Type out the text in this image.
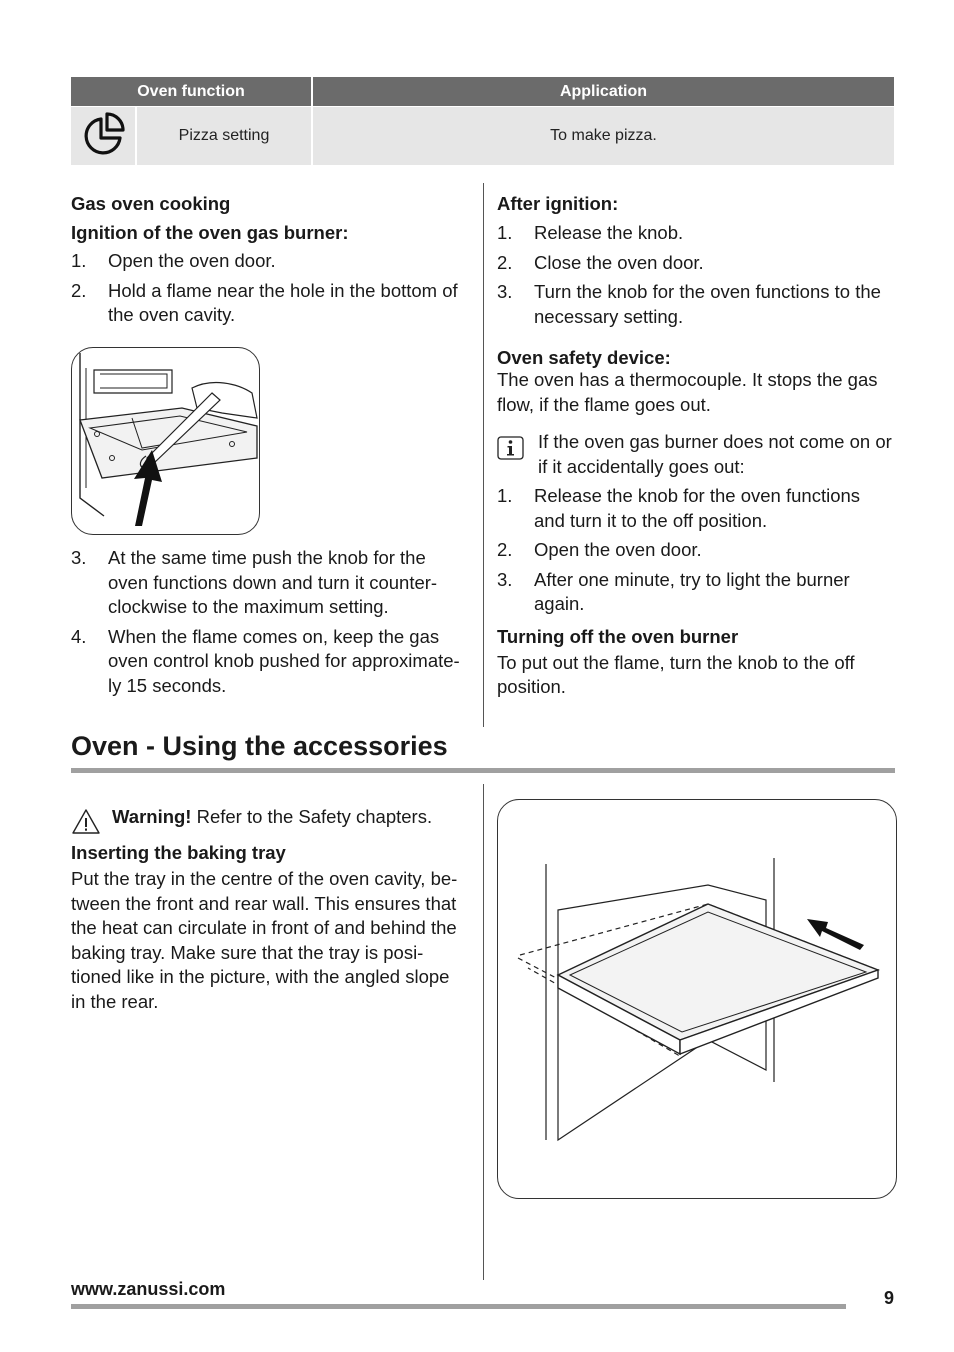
Oven function	Application
Pizza setting	To make pizza.
Gas oven cooking
Ignition of the oven gas burner:
1. Open the oven door.
2. Hold a flame near the hole in the bottom of the oven cavity.
3. At the same time push the knob for the oven functions down and turn it counter-clockwise to the maximum setting.
4. When the flame comes on, keep the gas oven control knob pushed for approximate-ly 15 seconds.
After ignition:
1. Release the knob.
2. Close the oven door.
3. Turn the knob for the oven functions to the necessary setting.
Oven safety device:
The oven has a thermocouple. It stops the gas flow, if the flame goes out.
If the oven gas burner does not come on or if it accidentally goes out:
1. Release the knob for the oven functions and turn it to the off position.
2. Open the oven door.
3. After one minute, try to light the burner again.
Turning off the oven burner
To put out the flame, turn the knob to the off position.
Oven - Using the accessories
Warning! Refer to the Safety chapters.
Inserting the baking tray
Put the tray in the centre of the oven cavity, be-tween the front and rear wall. This ensures that the heat can circulate in front of and behind the baking tray. Make sure that the tray is posi-tioned like in the picture, with the angled slope in the rear.
www.zanussi.com	9
